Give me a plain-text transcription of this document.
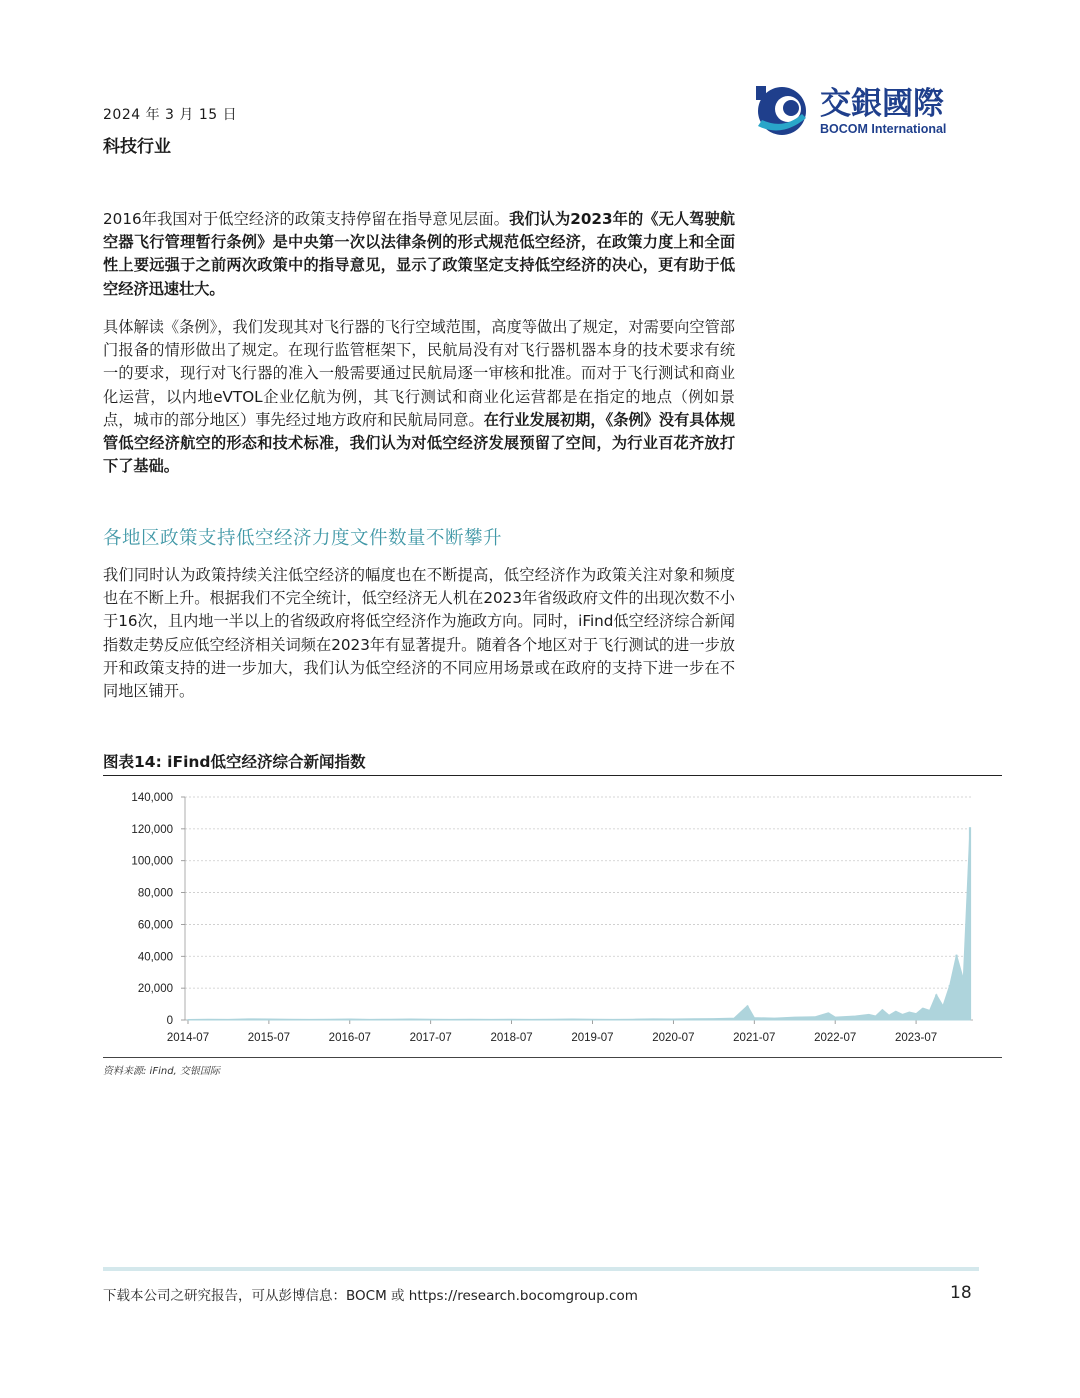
2024 年 3 月 15 日
科技行业
交銀國際
BOCOM International

2016年我国对于低空经济的政策支持停留在指导意见层面。我们认为2023年的《无人驾驶航空器飞行管理暂行条例》是中央第一次以法律条例的形式规范低空经济，在政策力度上和全面性上要远强于之前两次政策中的指导意见，显示了政策坚定支持低空经济的决心，更有助于低空经济迅速壮大。

具体解读《条例》，我们发现其对飞行器的飞行空域范围，高度等做出了规定，对需要向空管部门报备的情形做出了规定。在现行监管框架下，民航局没有对飞行器机器本身的技术要求有统一的要求，现行对飞行器的准入一般需要通过民航局逐一审核和批准。而对于飞行测试和商业化运营，以内地eVTOL企业亿航为例，其飞行测试和商业化运营都是在指定的地点（例如景点，城市的部分地区）事先经过地方政府和民航局同意。在行业发展初期，《条例》没有具体规管低空经济航空的形态和技术标准，我们认为对低空经济发展预留了空间，为行业百花齐放打下了基础。

各地区政策支持低空经济力度文件数量不断攀升

我们同时认为政策持续关注低空经济的幅度也在不断提高，低空经济作为政策关注对象和频度也在不断上升。根据我们不完全统计，低空经济无人机在2023年省级政府文件的出现次数不小于16次，且内地一半以上的省级政府将低空经济作为施政方向。同时，iFind低空经济综合新闻指数走势反应低空经济相关词频在2023年有显著提升。随着各个地区对于飞行测试的进一步放开和政策支持的进一步加大，我们认为低空经济的不同应用场景或在政府的支持下进一步在不同地区铺开。

图表14: iFind低空经济综合新闻指数
140,000
120,000
100,000
80,000
60,000
40,000
20,000
0
2014-07	2015-07	2016-07	2017-07	2018-07	2019-07	2020-07	2021-07	2022-07	2023-07
资料来源: iFind, 交银国际
下载本公司之研究报告，可从彭博信息：BOCM 或 https://research.bocomgroup.com	18
